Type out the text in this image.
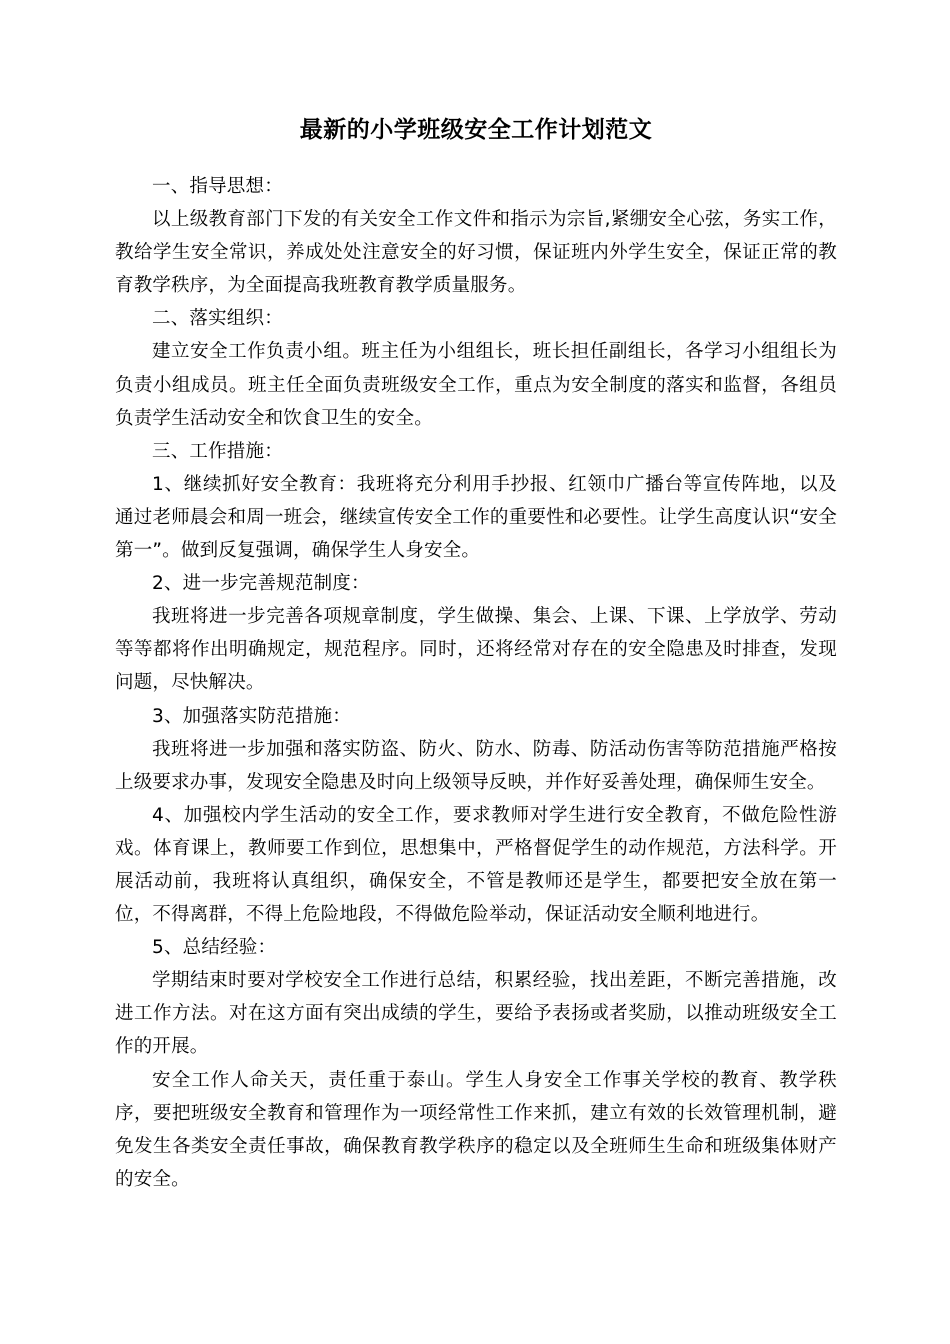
最新的小学班级安全工作计划范文

一、指导思想：

以上级教育部门下发的有关安全工作文件和指示为宗旨,紧绷安全心弦，务实工作，教给学生安全常识，养成处处注意安全的好习惯，保证班内外学生安全，保证正常的教育教学秩序，为全面提高我班教育教学质量服务。

二、落实组织：

建立安全工作负责小组。班主任为小组组长，班长担任副组长，各学习小组组长为负责小组成员。班主任全面负责班级安全工作，重点为安全制度的落实和监督，各组员负责学生活动安全和饮食卫生的安全。

三、工作措施：

1、继续抓好安全教育：我班将充分利用手抄报、红领巾广播台等宣传阵地，以及通过老师晨会和周一班会，继续宣传安全工作的重要性和必要性。让学生高度认识“安全第一”。做到反复强调，确保学生人身安全。

2、进一步完善规范制度：

我班将进一步完善各项规章制度，学生做操、集会、上课、下课、上学放学、劳动等等都将作出明确规定，规范程序。同时，还将经常对存在的安全隐患及时排查，发现问题，尽快解决。

3、加强落实防范措施：

我班将进一步加强和落实防盗、防火、防水、防毒、防活动伤害等防范措施严格按上级要求办事，发现安全隐患及时向上级领导反映，并作好妥善处理，确保师生安全。

4、加强校内学生活动的安全工作，要求教师对学生进行安全教育，不做危险性游戏。体育课上，教师要工作到位，思想集中，严格督促学生的动作规范，方法科学。开展活动前，我班将认真组织，确保安全，不管是教师还是学生，都要把安全放在第一位，不得离群，不得上危险地段，不得做危险举动，保证活动安全顺利地进行。

5、总结经验：

学期结束时要对学校安全工作进行总结，积累经验，找出差距，不断完善措施，改进工作方法。对在这方面有突出成绩的学生，要给予表扬或者奖励，以推动班级安全工作的开展。

安全工作人命关天，责任重于泰山。学生人身安全工作事关学校的教育、教学秩序，要把班级安全教育和管理作为一项经常性工作来抓，建立有效的长效管理机制，避免发生各类安全责任事故，确保教育教学秩序的稳定以及全班师生生命和班级集体财产的安全。
